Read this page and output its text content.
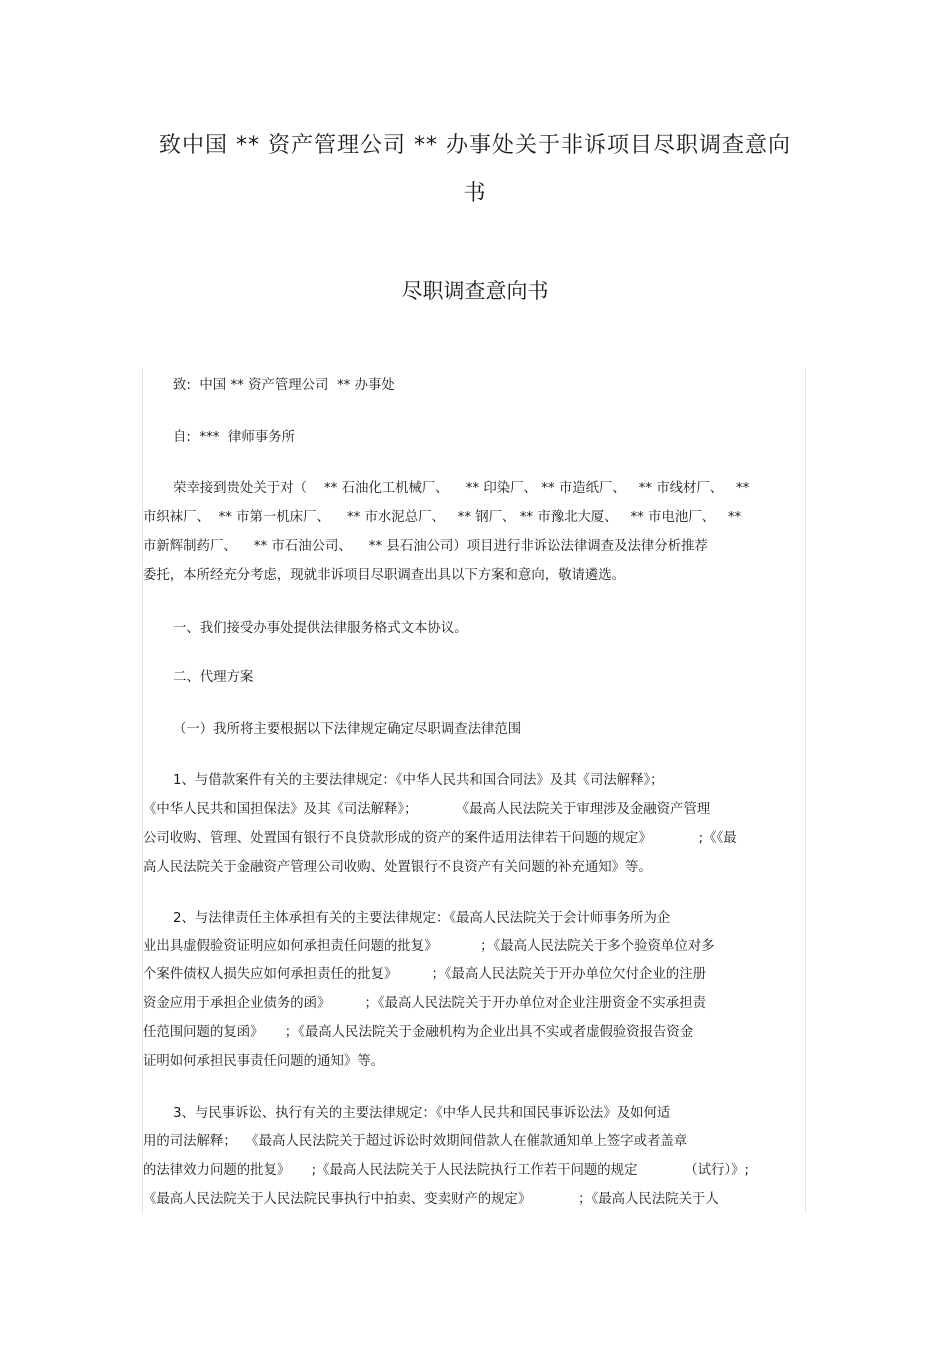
致中国 ** 资产管理公司 ** 办事处关于非诉项目尽职调查意向
书
尽职调查意向书
致:  中国 ** 资产管理公司  ** 办事处
自:  ***  律师事务所
荣幸接到贵处关于对（    ** 石油化工机械厂、    ** 印染厂、 ** 市造纸厂、   ** 市线材厂、   **
市织袜厂、  ** 市第一机床厂、    ** 市水泥总厂、   ** 钢厂、 ** 市豫北大厦、   ** 市电池厂、   **
市新辉制药厂、    ** 市石油公司、    ** 县石油公司）项目进行非诉讼法律调查及法律分析推荐
委托，本所经充分考虑，现就非诉项目尽职调查出具以下方案和意向，敬请遴选。
一、我们接受办事处提供法律服务格式文本协议。
二、代理方案
（一）我所将主要根据以下法律规定确定尽职调查法律范围
1、与借款案件有关的主要法律规定：《中华人民共和国合同法》及其《司法解释》；
《中华人民共和国担保法》及其《司法解释》；         《最高人民法院关于审理涉及金融资产管理
公司收购、管理、处置国有银行不良贷款形成的资产的案件适用法律若干问题的规定》           ;《《最
高人民法院关于金融资产管理公司收购、处置银行不良资产有关问题的补充通知》等。
2、与法律责任主体承担有关的主要法律规定：《最高人民法院关于会计师事务所为企
业出具虚假验资证明应如何承担责任问题的批复》          ；《最高人民法院关于多个验资单位对多
个案件债权人损失应如何承担责任的批复》        ；《最高人民法院关于开办单位欠付企业的注册
资金应用于承担企业债务的函》        ；《最高人民法院关于开办单位对企业注册资金不实承担责
任范围问题的复函》     ；《最高人民法院关于金融机构为企业出具不实或者虚假验资报告资金
证明如何承担民事责任问题的通知》等。
3、与民事诉讼、执行有关的主要法律规定：《中华人民共和国民事诉讼法》及如何适
用的司法解释；  《最高人民法院关于超过诉讼时效期间借款人在催款通知单上签字或者盖章
的法律效力问题的批复》     ;《最高人民法院关于人民法院执行工作若干问题的规定           （试行）》;
《最高人民法院关于人民法院民事执行中拍卖、变卖财产的规定》           ；《最高人民法院关于人
